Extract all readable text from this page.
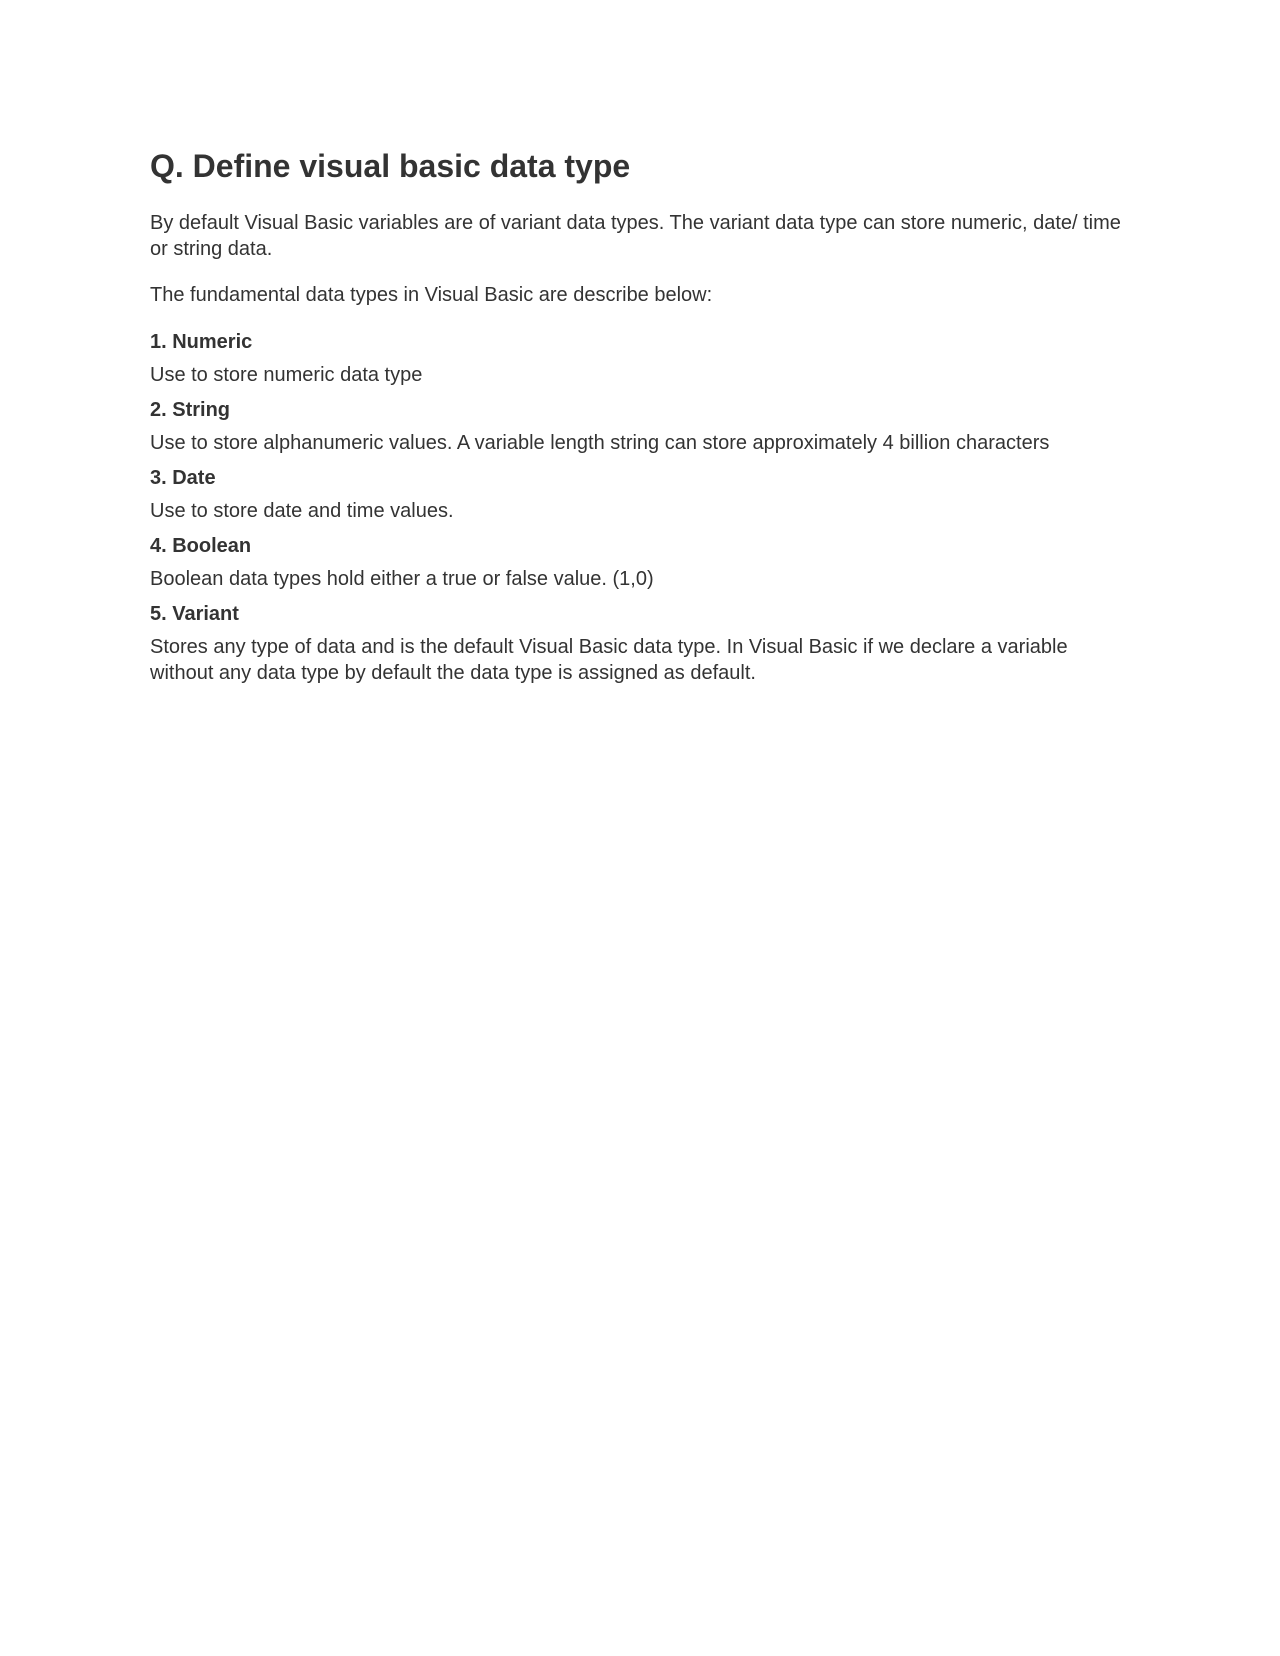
Q. Define visual basic data type

By default Visual Basic variables are of variant data types. The variant data type can store numeric, date/ time or string data.

The fundamental data types in Visual Basic are describe below:

1. Numeric
Use to store numeric data type
2. String
Use to store alphanumeric values. A variable length string can store approximately 4 billion characters
3. Date
Use to store date and time values.
4. Boolean
Boolean data types hold either a true or false value. (1,0)
5. Variant
Stores any type of data and is the default Visual Basic data type. In Visual Basic if we declare a variable without any data type by default the data type is assigned as default.
